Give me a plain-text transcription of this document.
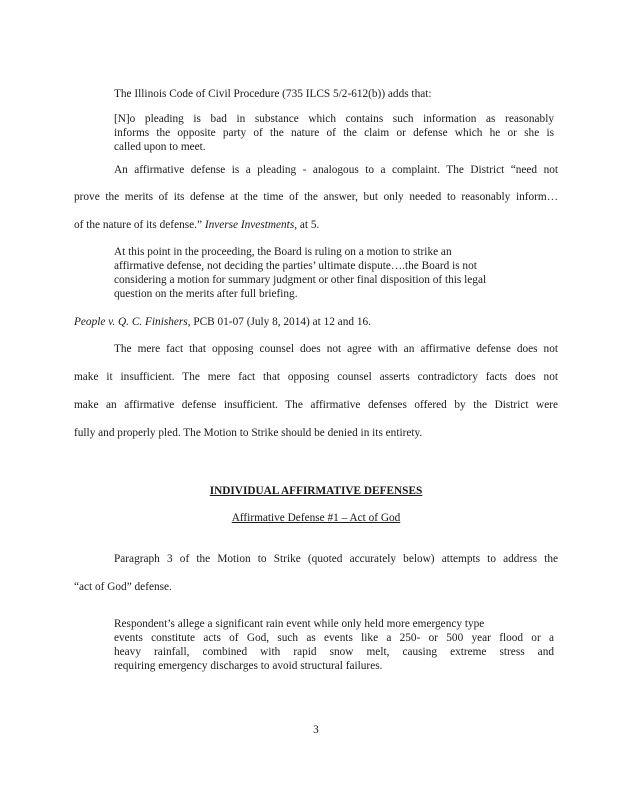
The Illinois Code of Civil Procedure (735 ILCS 5/2-612(b)) adds that:
[N]o pleading is bad in substance which contains such information as reasonably
informs the opposite party of the nature of the claim or defense which he or she is
called upon to meet.
An affirmative defense is a pleading - analogous to a complaint. The District “need not
prove the merits of its defense at the time of the answer, but only needed to reasonably inform…
of the nature of its defense.” Inverse Investments, at 5.
At this point in the proceeding, the Board is ruling on a motion to strike an
affirmative defense, not deciding the parties’ ultimate dispute….the Board is not
considering a motion for summary judgment or other final disposition of this legal
question on the merits after full briefing.
People v. Q. C. Finishers, PCB 01-07 (July 8, 2014) at 12 and 16.
The mere fact that opposing counsel does not agree with an affirmative defense does not
make it insufficient. The mere fact that opposing counsel asserts contradictory facts does not
make an affirmative defense insufficient. The affirmative defenses offered by the District were
fully and properly pled. The Motion to Strike should be denied in its entirety.
INDIVIDUAL AFFIRMATIVE DEFENSES
Affirmative Defense #1 – Act of God
Paragraph 3 of the Motion to Strike (quoted accurately below) attempts to address the
“act of God” defense.
Respondent’s allege a significant rain event while only held more emergency type
events constitute acts of God, such as events like a 250- or 500 year flood or a
heavy rainfall, combined with rapid snow melt, causing extreme stress and
requiring emergency discharges to avoid structural failures.
3
